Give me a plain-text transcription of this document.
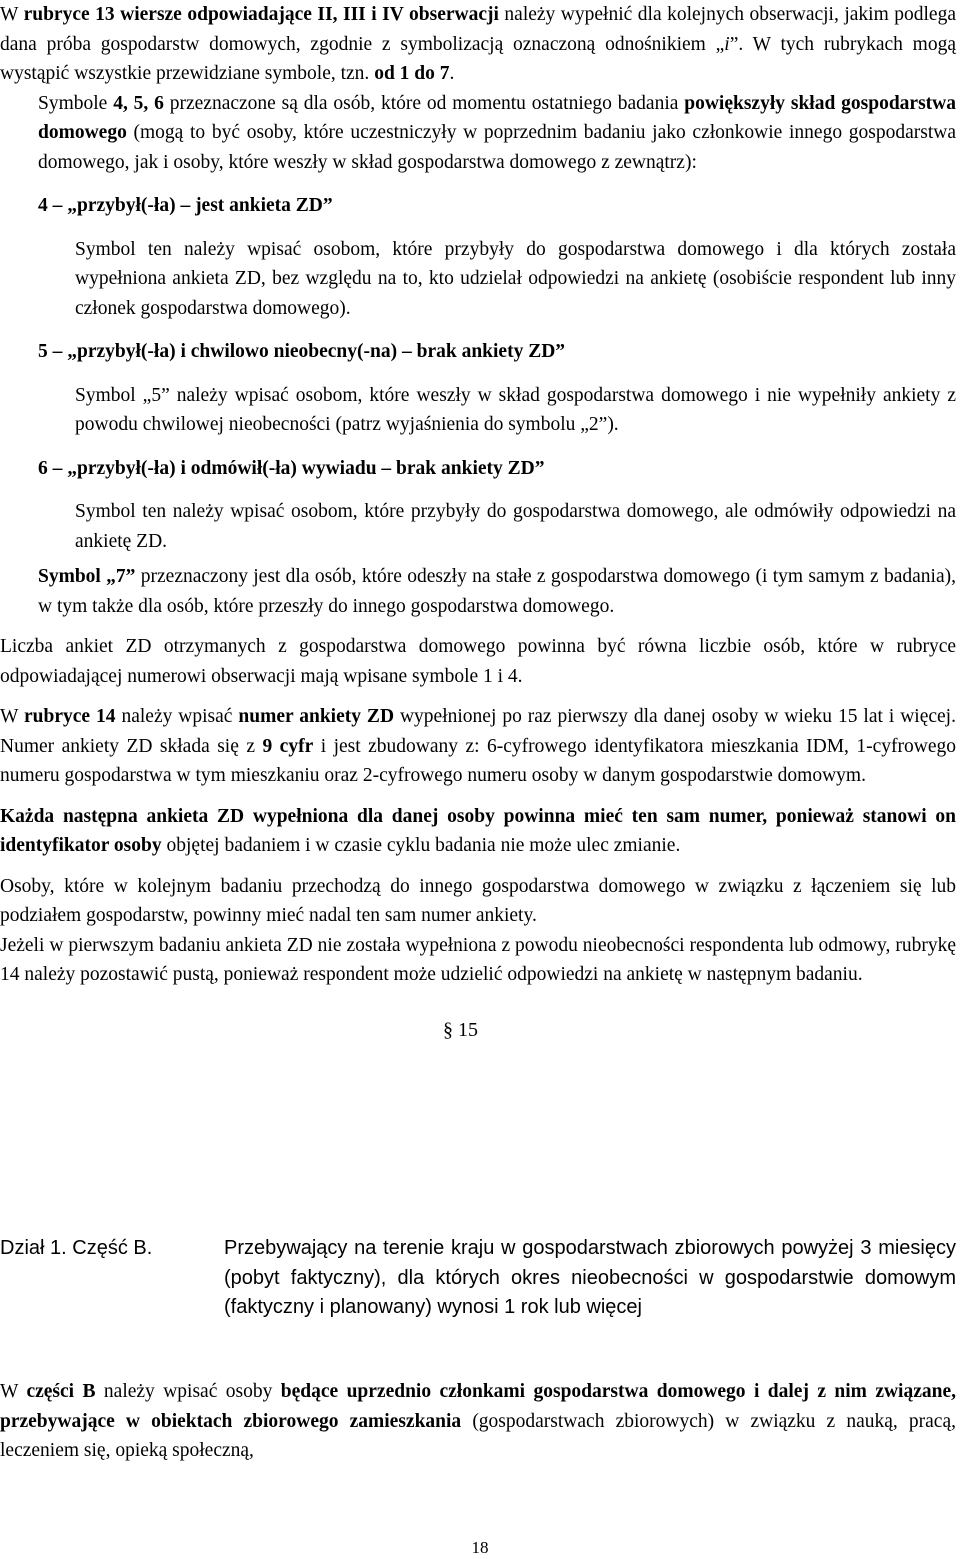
W rubryce 13 wiersze odpowiadające II, III i IV obserwacji należy wypełnić dla kolejnych obserwacji, jakim podlega dana próba gospodarstw domowych, zgodnie z symbolizacją oznaczoną odnośnikiem „i”. W tych rubrykach mogą wystąpić wszystkie przewidziane symbole, tzn. od 1 do 7.

Symbole 4, 5, 6 przeznaczone są dla osób, które od momentu ostatniego badania powiększyły skład gospodarstwa domowego (mogą to być osoby, które uczestniczyły w poprzednim badaniu jako członkowie innego gospodarstwa domowego, jak i osoby, które weszły w skład gospodarstwa domowego z zewnątrz):

4 – „przybył(-ła) – jest ankieta ZD”

Symbol ten należy wpisać osobom, które przybyły do gospodarstwa domowego i dla których została wypełniona ankieta ZD, bez względu na to, kto udzielał odpowiedzi na ankietę (osobiście respondent lub inny członek gospodarstwa domowego).

5 – „przybył(-ła) i chwilowo nieobecny(-na) – brak ankiety ZD”

Symbol „5” należy wpisać osobom, które weszły w skład gospodarstwa domowego i nie wypełniły ankiety z powodu chwilowej nieobecności (patrz wyjaśnienia do symbolu „2”).

6 – „przybył(-ła) i odmówił(-ła) wywiadu – brak ankiety ZD”

Symbol ten należy wpisać osobom, które przybyły do gospodarstwa domowego, ale odmówiły odpowiedzi na ankietę ZD.

Symbol „7” przeznaczony jest dla osób, które odeszły na stałe z gospodarstwa domowego (i tym samym z badania), w tym także dla osób, które przeszły do innego gospodarstwa domowego.

Liczba ankiet ZD otrzymanych z gospodarstwa domowego powinna być równa liczbie osób, które w rubryce odpowiadającej numerowi obserwacji mają wpisane symbole 1 i 4.

W rubryce 14 należy wpisać numer ankiety ZD wypełnionej po raz pierwszy dla danej osoby w wieku 15 lat i więcej. Numer ankiety ZD składa się z 9 cyfr i jest zbudowany z: 6-cyfrowego identyfikatora mieszkania IDM, 1-cyfrowego numeru gospodarstwa w tym mieszkaniu oraz 2-cyfrowego numeru osoby w danym gospodarstwie domowym.

Każda następna ankieta ZD wypełniona dla danej osoby powinna mieć ten sam numer, ponieważ stanowi on identyfikator osoby objętej badaniem i w czasie cyklu badania nie może ulec zmianie.

Osoby, które w kolejnym badaniu przechodzą do innego gospodarstwa domowego w związku z łączeniem się lub podziałem gospodarstw, powinny mieć nadal ten sam numer ankiety.

Jeżeli w pierwszym badaniu ankieta ZD nie została wypełniona z powodu nieobecności respondenta lub odmowy, rubrykę 14 należy pozostawić pustą, ponieważ respondent może udzielić odpowiedzi na ankietę w następnym badaniu.

§ 15

Dział 1. Część B.	Przebywający na terenie kraju w gospodarstwach zbiorowych powyżej 3 miesięcy (pobyt faktyczny), dla których okres nieobecności w gospodarstwie domowym (faktyczny i planowany) wynosi 1 rok lub więcej

W części B należy wpisać osoby będące uprzednio członkami gospodarstwa domowego i dalej z nim związane, przebywające w obiektach zbiorowego zamieszkania (gospodarstwach zbiorowych) w związku z nauką, pracą, leczeniem się, opieką społeczną,

18
